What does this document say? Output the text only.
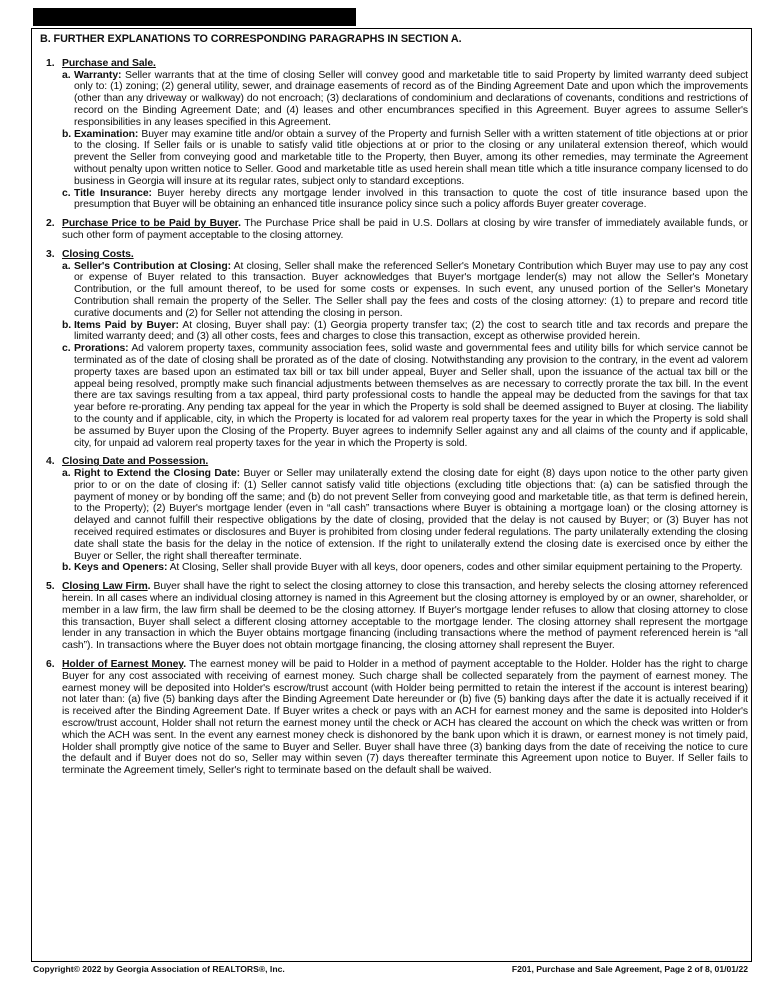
B. FURTHER EXPLANATIONS TO CORRESPONDING PARAGRAPHS IN SECTION A.
1. Purchase and Sale.
a. Warranty: Seller warrants that at the time of closing Seller will convey good and marketable title to said Property by limited warranty deed subject only to: (1) zoning; (2) general utility, sewer, and drainage easements of record as of the Binding Agreement Date and upon which the improvements (other than any driveway or walkway) do not encroach; (3) declarations of condominium and declarations of covenants, conditions and restrictions of record on the Binding Agreement Date; and (4) leases and other encumbrances specified in this Agreement. Buyer agrees to assume Seller's responsibilities in any leases specified in this Agreement.
b. Examination: Buyer may examine title and/or obtain a survey of the Property and furnish Seller with a written statement of title objections at or prior to the closing. If Seller fails or is unable to satisfy valid title objections at or prior to the closing or any unilateral extension thereof, which would prevent the Seller from conveying good and marketable title to the Property, then Buyer, among its other remedies, may terminate the Agreement without penalty upon written notice to Seller. Good and marketable title as used herein shall mean title which a title insurance company licensed to do business in Georgia will insure at its regular rates, subject only to standard exceptions.
c. Title Insurance: Buyer hereby directs any mortgage lender involved in this transaction to quote the cost of title insurance based upon the presumption that Buyer will be obtaining an enhanced title insurance policy since such a policy affords Buyer greater coverage.
2. Purchase Price to be Paid by Buyer. The Purchase Price shall be paid in U.S. Dollars at closing by wire transfer of immediately available funds, or such other form of payment acceptable to the closing attorney.
3. Closing Costs.
a. Seller's Contribution at Closing: At closing, Seller shall make the referenced Seller's Monetary Contribution which Buyer may use to pay any cost or expense of Buyer related to this transaction. Buyer acknowledges that Buyer's mortgage lender(s) may not allow the Seller's Monetary Contribution, or the full amount thereof, to be used for some costs or expenses. In such event, any unused portion of the Seller's Monetary Contribution shall remain the property of the Seller. The Seller shall pay the fees and costs of the closing attorney: (1) to prepare and record title curative documents and (2) for Seller not attending the closing in person.
b. Items Paid by Buyer: At closing, Buyer shall pay: (1) Georgia property transfer tax; (2) the cost to search title and tax records and prepare the limited warranty deed; and (3) all other costs, fees and charges to close this transaction, except as otherwise provided herein.
c. Prorations: Ad valorem property taxes, community association fees, solid waste and governmental fees and utility bills for which service cannot be terminated as of the date of closing shall be prorated as of the date of closing. Notwithstanding any provision to the contrary, in the event ad valorem property taxes are based upon an estimated tax bill or tax bill under appeal, Buyer and Seller shall, upon the issuance of the actual tax bill or the appeal being resolved, promptly make such financial adjustments between themselves as are necessary to correctly prorate the tax bill. In the event there are tax savings resulting from a tax appeal, third party professional costs to handle the appeal may be deducted from the savings for that tax year before re-prorating. Any pending tax appeal for the year in which the Property is sold shall be deemed assigned to Buyer at closing. The liability to the county and if applicable, city, in which the Property is located for ad valorem real property taxes for the year in which the Property is sold shall be assumed by Buyer upon the Closing of the Property. Buyer agrees to indemnify Seller against any and all claims of the county and if applicable, city, for unpaid ad valorem real property taxes for the year in which the Property is sold.
4. Closing Date and Possession.
a. Right to Extend the Closing Date: Buyer or Seller may unilaterally extend the closing date for eight (8) days upon notice to the other party given prior to or on the date of closing if: (1) Seller cannot satisfy valid title objections (excluding title objections that: (a) can be satisfied through the payment of money or by bonding off the same; and (b) do not prevent Seller from conveying good and marketable title, as that term is defined herein, to the Property); (2) Buyer's mortgage lender (even in “all cash” transactions where Buyer is obtaining a mortgage loan) or the closing attorney is delayed and cannot fulfill their respective obligations by the date of closing, provided that the delay is not caused by Buyer; or (3) Buyer has not received required estimates or disclosures and Buyer is prohibited from closing under federal regulations. The party unilaterally extending the closing date shall state the basis for the delay in the notice of extension. If the right to unilaterally extend the closing date is exercised once by either the Buyer or Seller, the right shall thereafter terminate.
b. Keys and Openers: At Closing, Seller shall provide Buyer with all keys, door openers, codes and other similar equipment pertaining to the Property.
5. Closing Law Firm. Buyer shall have the right to select the closing attorney to close this transaction, and hereby selects the closing attorney referenced herein. In all cases where an individual closing attorney is named in this Agreement but the closing attorney is employed by or an owner, shareholder, or member in a law firm, the law firm shall be deemed to be the closing attorney. If Buyer's mortgage lender refuses to allow that closing attorney to close this transaction, Buyer shall select a different closing attorney acceptable to the mortgage lender. The closing attorney shall represent the mortgage lender in any transaction in which the Buyer obtains mortgage financing (including transactions where the method of payment referenced herein is “all cash”). In transactions where the Buyer does not obtain mortgage financing, the closing attorney shall represent the Buyer.
6. Holder of Earnest Money. The earnest money will be paid to Holder in a method of payment acceptable to the Holder. Holder has the right to charge Buyer for any cost associated with receiving of earnest money. Such charge shall be collected separately from the payment of earnest money. The earnest money will be deposited into Holder's escrow/trust account (with Holder being permitted to retain the interest if the account is interest bearing) not later than: (a) five (5) banking days after the Binding Agreement Date hereunder or (b) five (5) banking days after the date it is actually received if it is received after the Binding Agreement Date. If Buyer writes a check or pays with an ACH for earnest money and the same is deposited into Holder's escrow/trust account, Holder shall not return the earnest money until the check or ACH has cleared the account on which the check was written or from which the ACH was sent. In the event any earnest money check is dishonored by the bank upon which it is drawn, or earnest money is not timely paid, Holder shall promptly give notice of the same to Buyer and Seller. Buyer shall have three (3) banking days from the date of receiving the notice to cure the default and if Buyer does not do so, Seller may within seven (7) days thereafter terminate this Agreement upon notice to Buyer. If Seller fails to terminate the Agreement timely, Seller's right to terminate based on the default shall be waived.
Copyright© 2022 by Georgia Association of REALTORS®, Inc.	F201, Purchase and Sale Agreement, Page 2 of 8, 01/01/22
